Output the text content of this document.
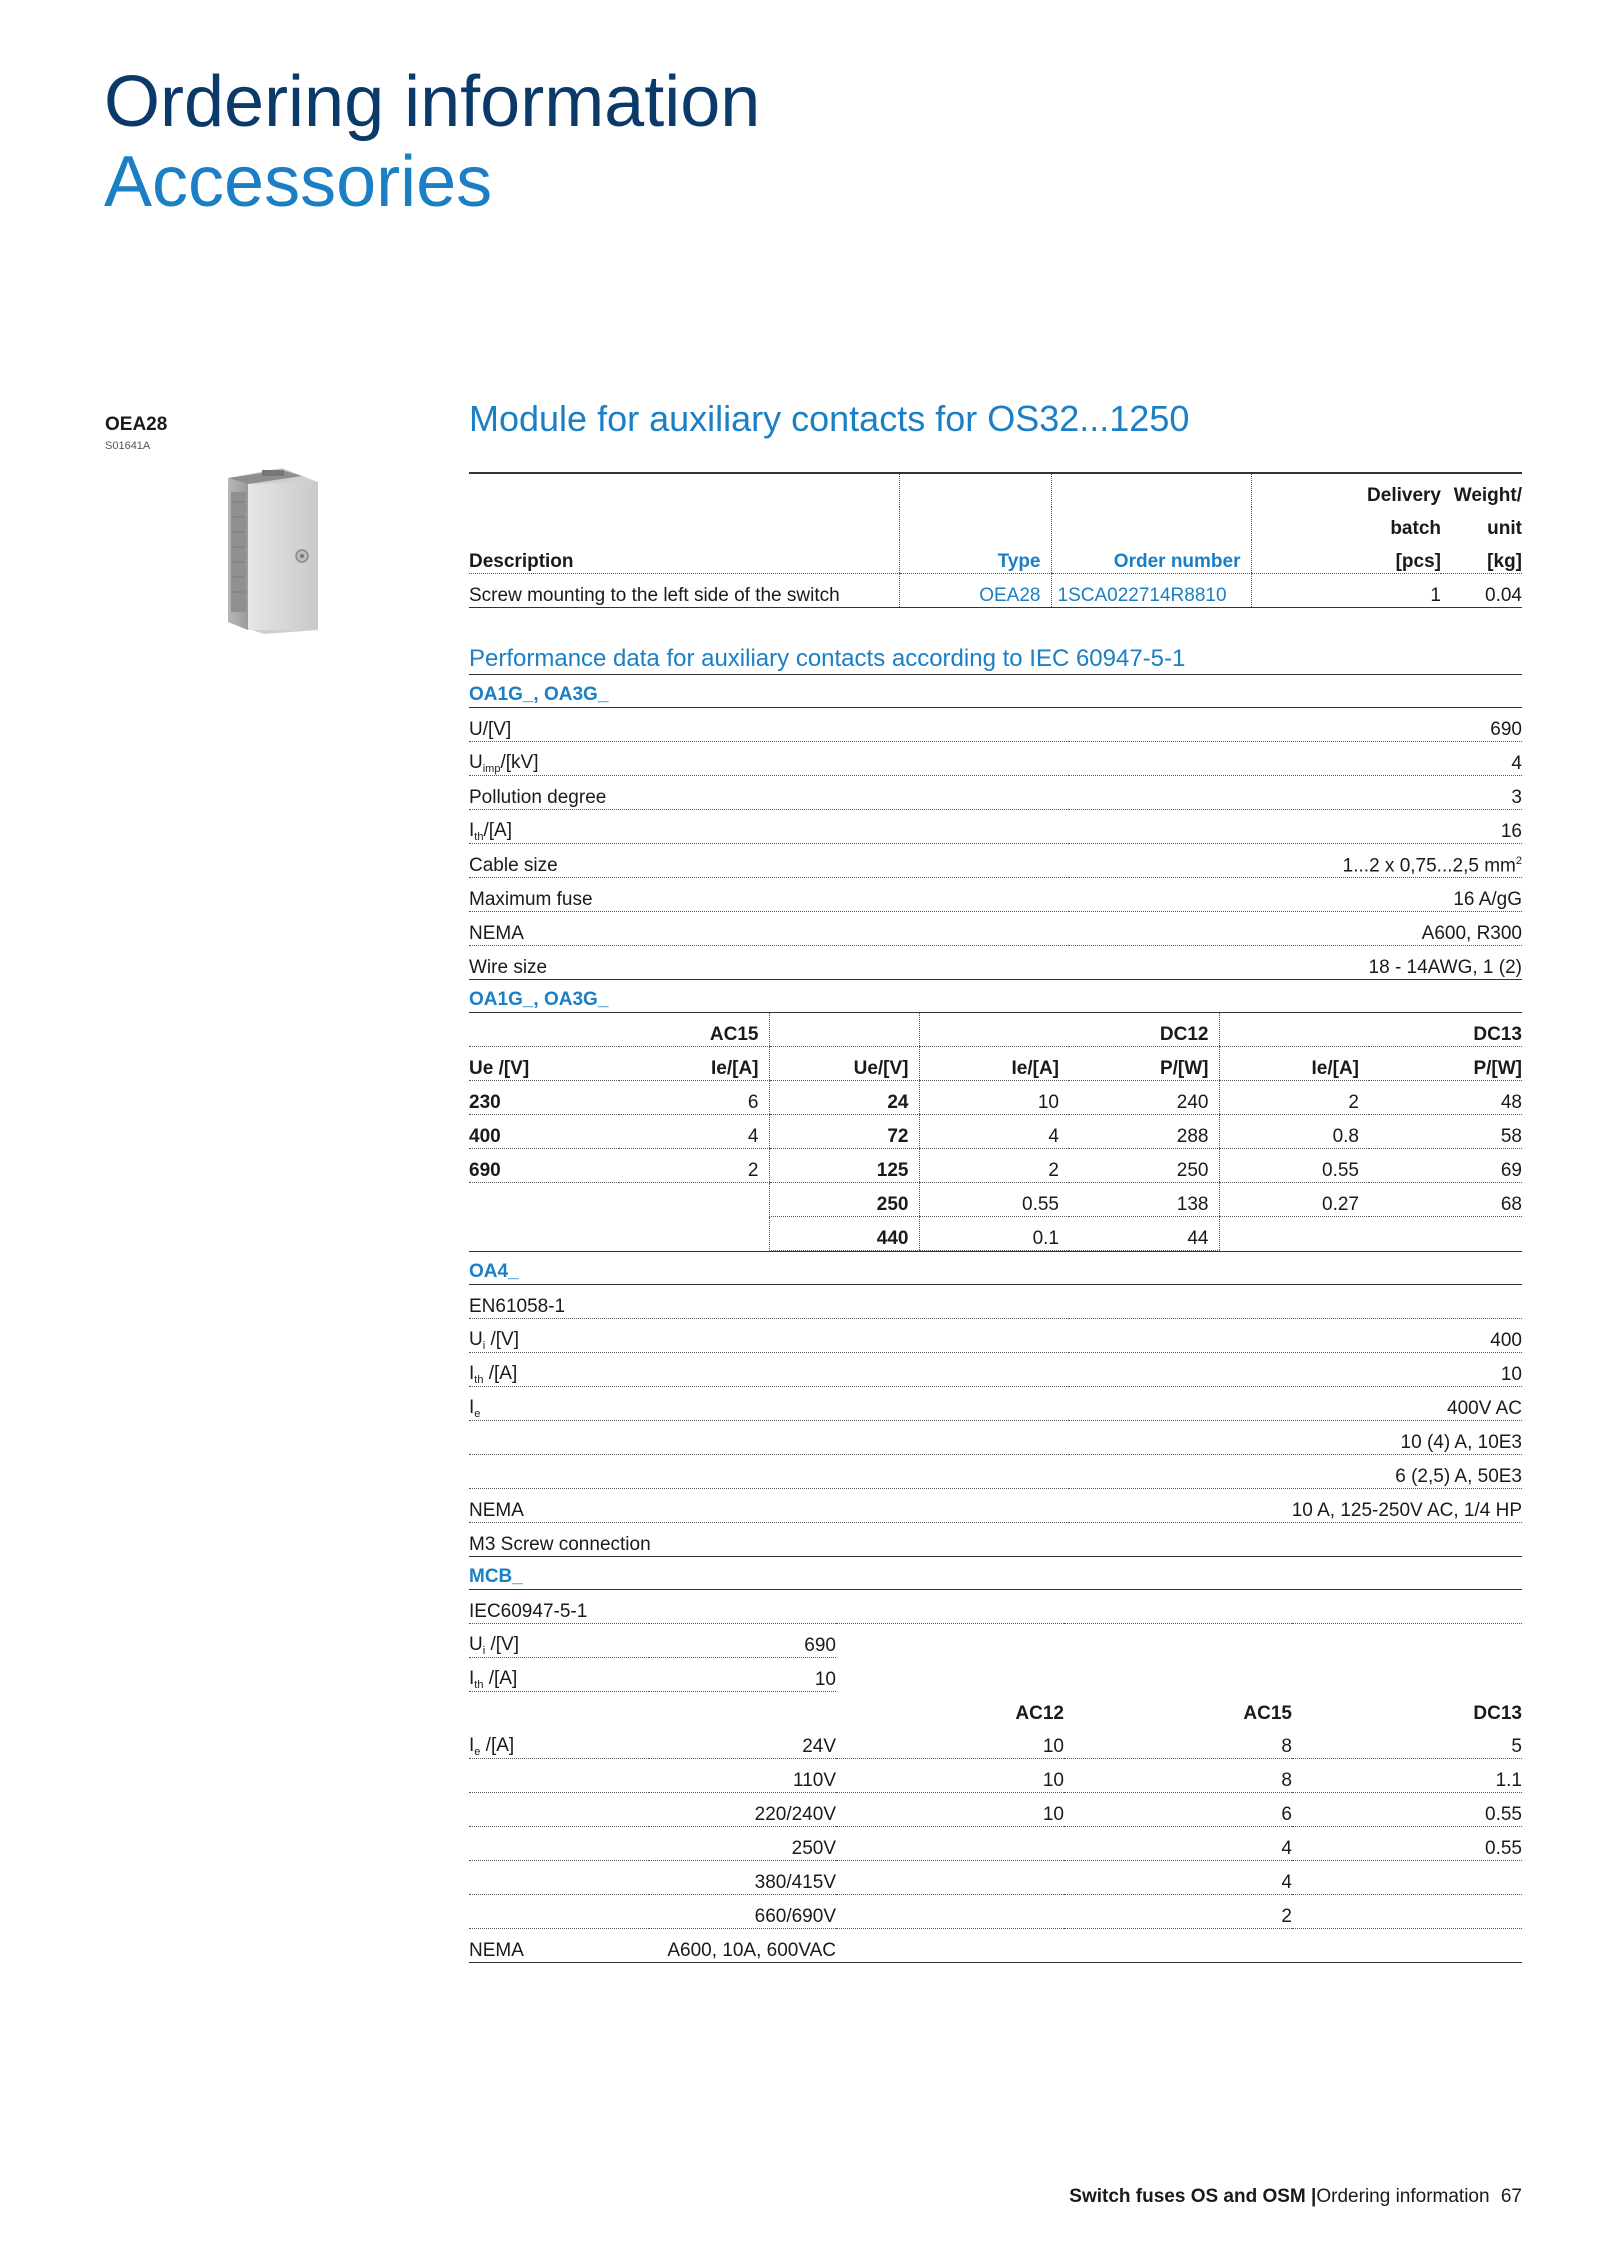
Ordering information
Accessories
OEA28
S01641A
Module for auxiliary contacts for OS32...1250
			Delivery	Weight/
			batch	unit
Description	Type	Order number	[pcs]	[kg]
Screw mounting to the left side of the switch	OEA28	1SCA022714R8810	1	0.04
Performance data for auxiliary contacts according to IEC 60947-5-1
OA1G_, OA3G_
U/[V]	690
$U_{imp}/[kV]$	4
Pollution degree	3
$I_{th}/[A]$	16
Cable size	1...2 x 0,75...2,5 $mm^2$
Maximum fuse	16 A/gG
NEMA	A600, R300
Wire size	18 - 14AWG, 1 (2)
OA1G_, OA3G_
	AC15			DC12		DC13
Ue /[V]	Ie/[A]	Ue/[V]	Ie/[A]	P/[W]	Ie/[A]	P/[W]
230	6	24	10	240	2	48
400	4	72	4	288	0.8	58
690	2	125	2	250	0.55	69
		250	0.55	138	0.27	68
		440	0.1	44		
OA4_
EN61058-1	
$U_i$ /[V]	400
$I_{th}$ /[A]	10
$I_e$	400V AC
	10 (4) A, 10E3
	6 (2,5) A, 50E3
NEMA	10 A, 125-250V AC, 1/4 HP
M3 Screw connection	
MCB_
IEC60947-5-1				
$U_i$ /[V]	690			
$I_{th}$ /[A]	10			
		AC12	AC15	DC13
$I_e$ /[A]	24V	10	8	5
	110V	10	8	1.1
	220/240V	10	6	0.55
	250V		4	0.55
	380/415V		4	
	660/690V		2	
NEMA	A600, 10A, 600VAC			
Switch fuses OS and OSM |Ordering information 67
